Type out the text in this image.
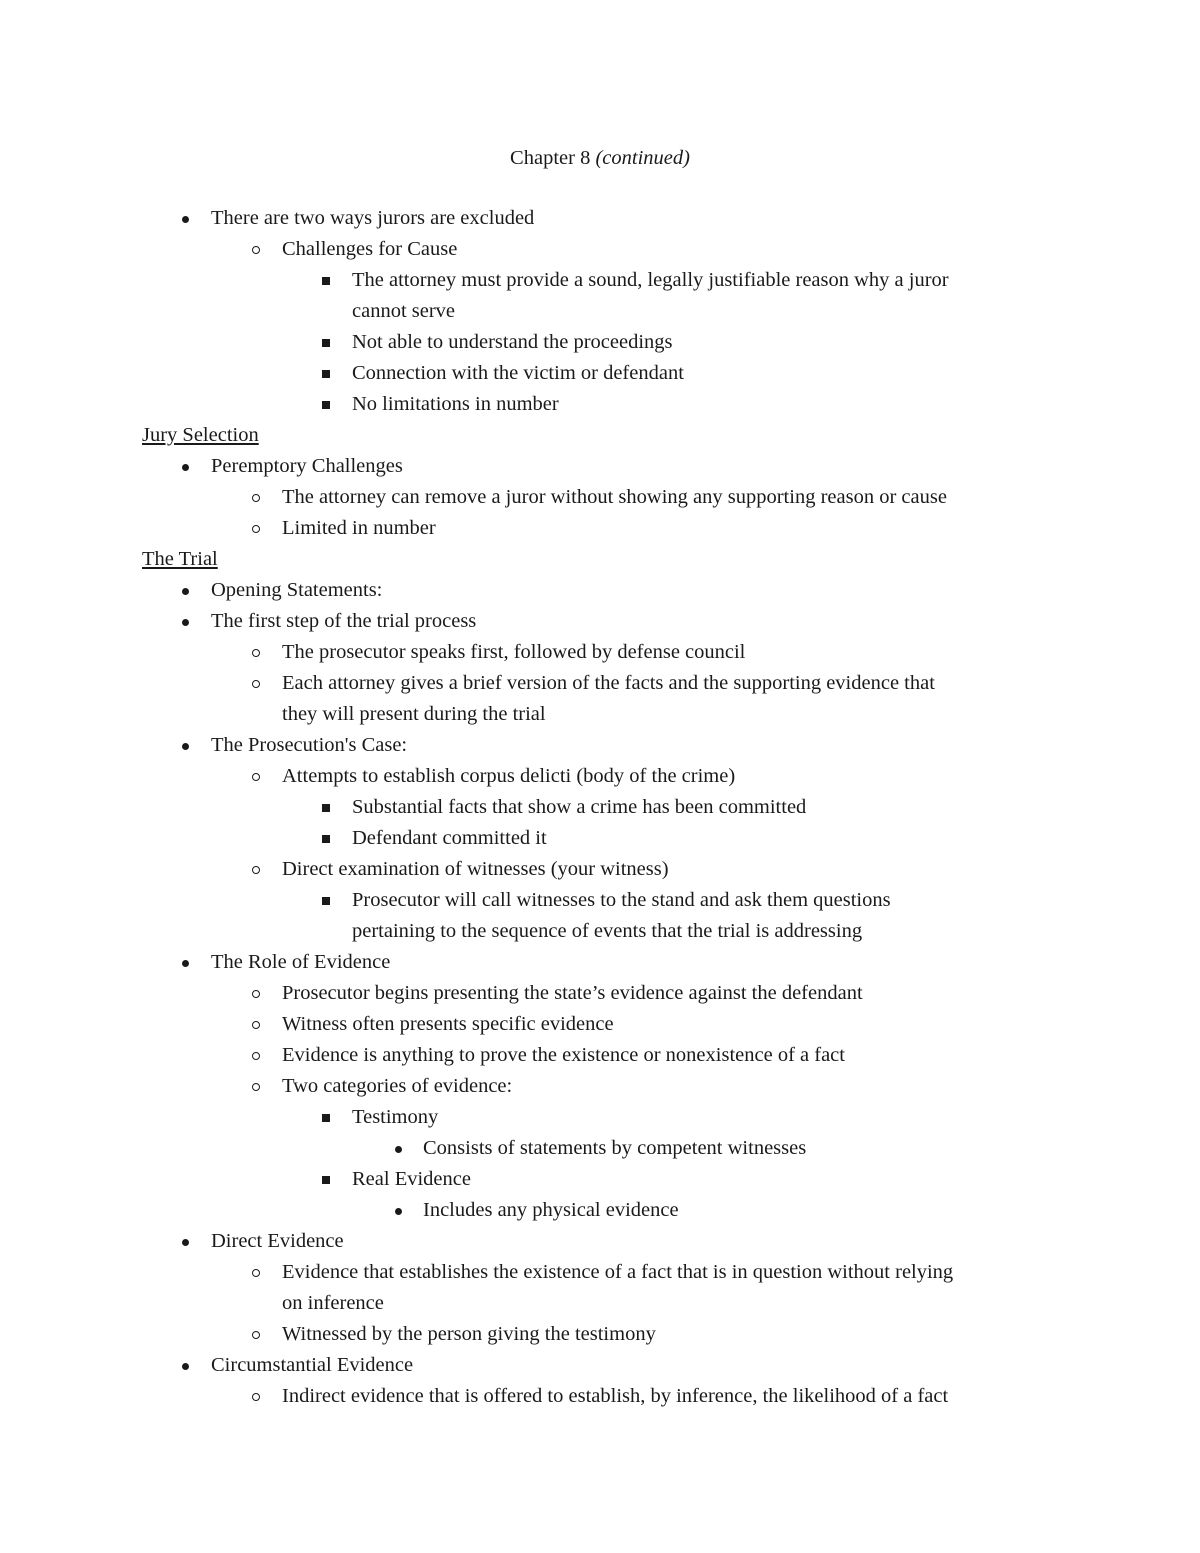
Chapter 8 (continued)
There are two ways jurors are excluded
Challenges for Cause
The attorney must provide a sound, legally justifiable reason why a juror
cannot serve
Not able to understand the proceedings
Connection with the victim or defendant
No limitations in number
Jury Selection
Peremptory Challenges
The attorney can remove a juror without showing any supporting reason or cause
Limited in number
The Trial
Opening Statements:
The first step of the trial process
The prosecutor speaks first, followed by defense council
Each attorney gives a brief version of the facts and the supporting evidence that
they will present during the trial
The Prosecution's Case:
Attempts to establish corpus delicti (body of the crime)
Substantial facts that show a crime has been committed
Defendant committed it
Direct examination of witnesses (your witness)
Prosecutor will call witnesses to the stand and ask them questions
pertaining to the sequence of events that the trial is addressing
The Role of Evidence
Prosecutor begins presenting the state’s evidence against the defendant
Witness often presents specific evidence
Evidence is anything to prove the existence or nonexistence of a fact
Two categories of evidence:
Testimony
Consists of statements by competent witnesses
Real Evidence
Includes any physical evidence
Direct Evidence
Evidence that establishes the existence of a fact that is in question without relying
on inference
Witnessed by the person giving the testimony
Circumstantial Evidence
Indirect evidence that is offered to establish, by inference, the likelihood of a fact
